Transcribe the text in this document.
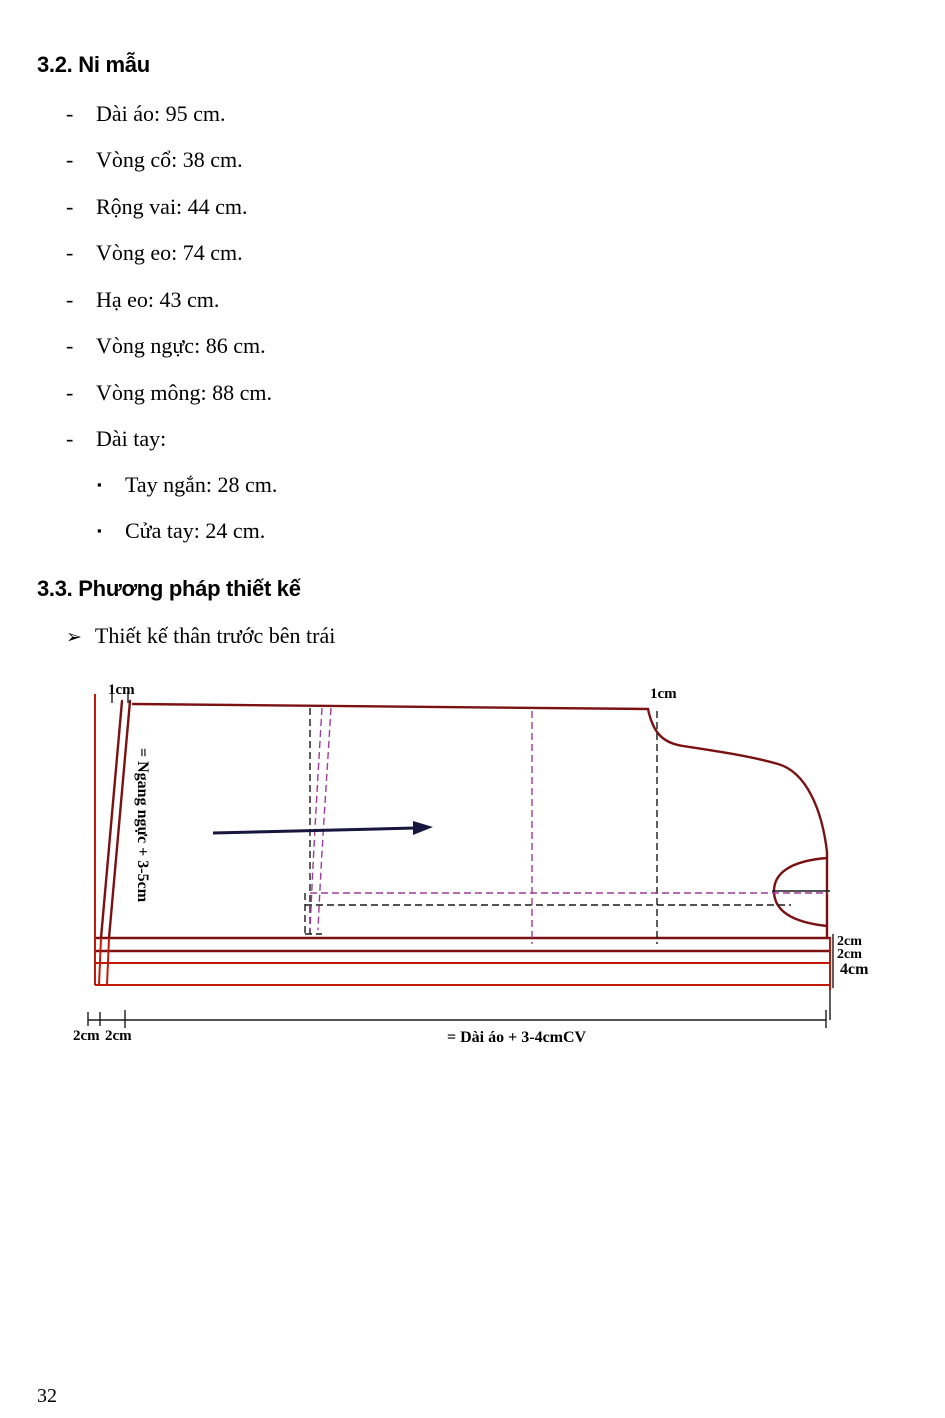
3.2. Ni mẫu
-	Dài áo: 95 cm.
-	Vòng cổ: 38 cm.
-	Rộng vai: 44 cm.
-	Vòng eo: 74 cm.
-	Hạ eo: 43 cm.
-	Vòng ngực: 86 cm.
-	Vòng mông: 88 cm.
-	Dài tay:
▪	Tay ngắn: 28 cm.
▪	Cửa tay: 24 cm.
3.3. Phương pháp thiết kế
➢ Thiết kế thân trước bên trái
1cm	1cm
= Ngang ngực + 3-5cm
2cm
2cm
4cm
2cm 2cm	= Dài áo + 3-4cmCV
32
